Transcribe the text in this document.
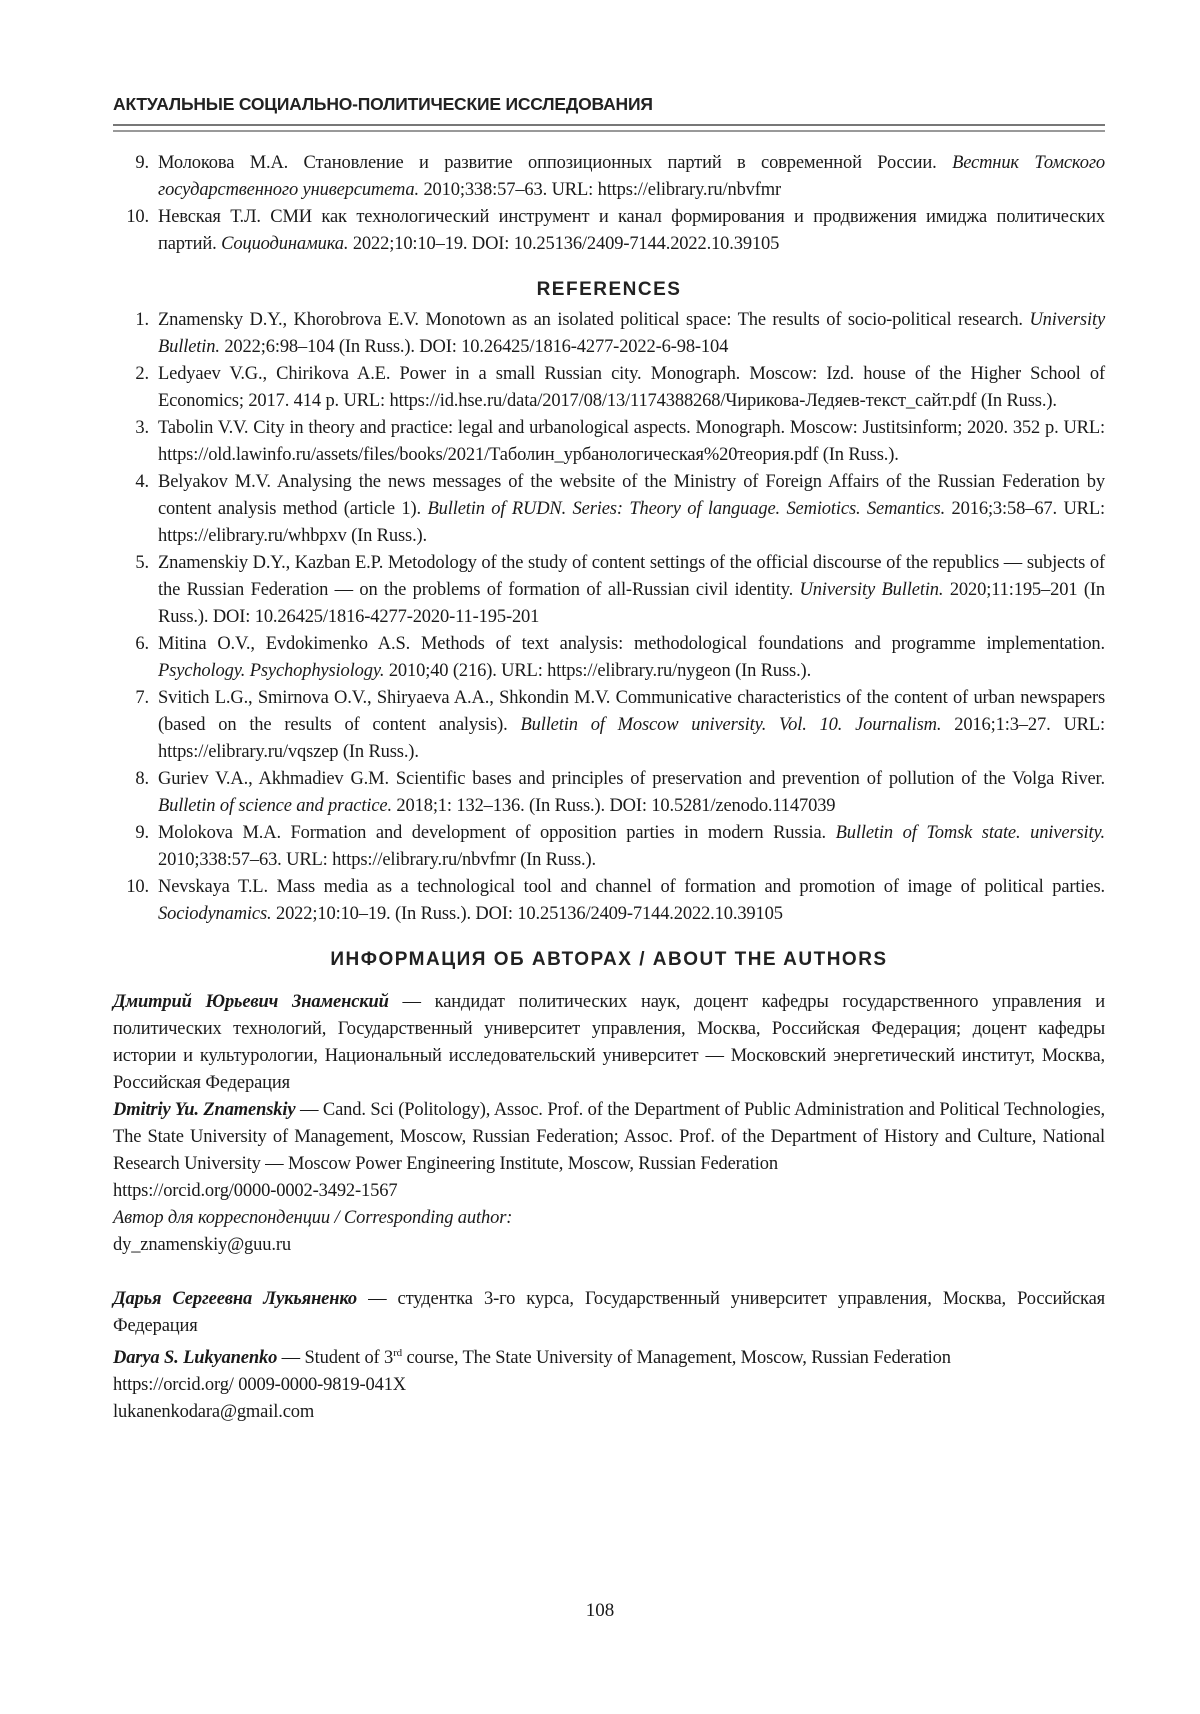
АКТУАЛЬНЫЕ СОЦИАЛЬНО-ПОЛИТИЧЕСКИЕ ИССЛЕДОВАНИЯ
9. Молокова М.А. Становление и развитие оппозиционных партий в современной России. Вестник Томского государственного университета. 2010;338:57–63. URL: https://elibrary.ru/nbvfmr
10. Невская Т.Л. СМИ как технологический инструмент и канал формирования и продвижения имиджа политических партий. Социодинамика. 2022;10:10–19. DOI: 10.25136/2409-7144.2022.10.39105
REFERENCES
1. Znamensky D.Y., Khorobrova E.V. Monotown as an isolated political space: The results of socio-political research. University Bulletin. 2022;6:98–104 (In Russ.). DOI: 10.26425/1816-4277-2022-6-98-104
2. Ledyaev V.G., Chirikova A.E. Power in a small Russian city. Monograph. Moscow: Izd. house of the Higher School of Economics; 2017. 414 p. URL: https://id.hse.ru/data/2017/08/13/1174388268/Чирикова-Ледяев-текст_сайт.pdf (In Russ.).
3. Tabolin V.V. City in theory and practice: legal and urbanological aspects. Monograph. Moscow: Justitsinform; 2020. 352 p. URL: https://old.lawinfo.ru/assets/files/books/2021/Таболин_урбанологическая%20теория.pdf (In Russ.).
4. Belyakov M.V. Analysing the news messages of the website of the Ministry of Foreign Affairs of the Russian Federation by content analysis method (article 1). Bulletin of RUDN. Series: Theory of language. Semiotics. Semantics. 2016;3:58–67. URL: https://elibrary.ru/whbpxv (In Russ.).
5. Znamenskiy D.Y., Kazban E.P. Metodology of the study of content settings of the official discourse of the republics — subjects of the Russian Federation — on the problems of formation of all-Russian civil identity. University Bulletin. 2020;11:195–201 (In Russ.). DOI: 10.26425/1816-4277-2020-11-195-201
6. Mitina O.V., Evdokimenko A.S. Methods of text analysis: methodological foundations and programme implementation. Psychology. Psychophysiology. 2010;40 (216). URL: https://elibrary.ru/nygeon (In Russ.).
7. Svitich L.G., Smirnova O.V., Shiryaeva A.A., Shkondin M.V. Communicative characteristics of the content of urban newspapers (based on the results of content analysis). Bulletin of Moscow university. Vol. 10. Journalism. 2016;1:3–27. URL: https://elibrary.ru/vqszep (In Russ.).
8. Guriev V.A., Akhmadiev G.M. Scientific bases and principles of preservation and prevention of pollution of the Volga River. Bulletin of science and practice. 2018;1: 132–136. (In Russ.). DOI: 10.5281/zenodo.1147039
9. Molokova M.A. Formation and development of opposition parties in modern Russia. Bulletin of Tomsk state. university. 2010;338:57–63. URL: https://elibrary.ru/nbvfmr (In Russ.).
10. Nevskaya T.L. Mass media as a technological tool and channel of formation and promotion of image of political parties. Sociodynamics. 2022;10:10–19. (In Russ.). DOI: 10.25136/2409-7144.2022.10.39105
ИНФОРМАЦИЯ ОБ АВТОРАХ / ABOUT THE AUTHORS

Дмитрий Юрьевич Знаменский — кандидат политических наук, доцент кафедры государственного управления и политических технологий, Государственный университет управления, Москва, Российская Федерация; доцент кафедры истории и культурологии, Национальный исследовательский университет — Московский энергетический институт, Москва, Российская Федерация

Dmitriy Yu. Znamenskiy — Cand. Sci (Politology), Assoc. Prof. of the Department of Public Administration and Political Technologies, The State University of Management, Moscow, Russian Federation; Assoc. Prof. of the Department of History and Culture, National Research University — Moscow Power Engineering Institute, Moscow, Russian Federation

https://orcid.org/0000-0002-3492-1567

Автор для корреспонденции / Corresponding author:

dy_znamenskiy@guu.ru

Дарья Сергеевна Лукьяненко — студентка 3-го курса, Государственный университет управления, Москва, Российская Федерация

Darya S. Lukyanenko — Student of 3rd course, The State University of Management, Moscow, Russian Federation

https://orcid.org/ 0009-0000-9819-041X

lukanenkodara@gmail.com

108
